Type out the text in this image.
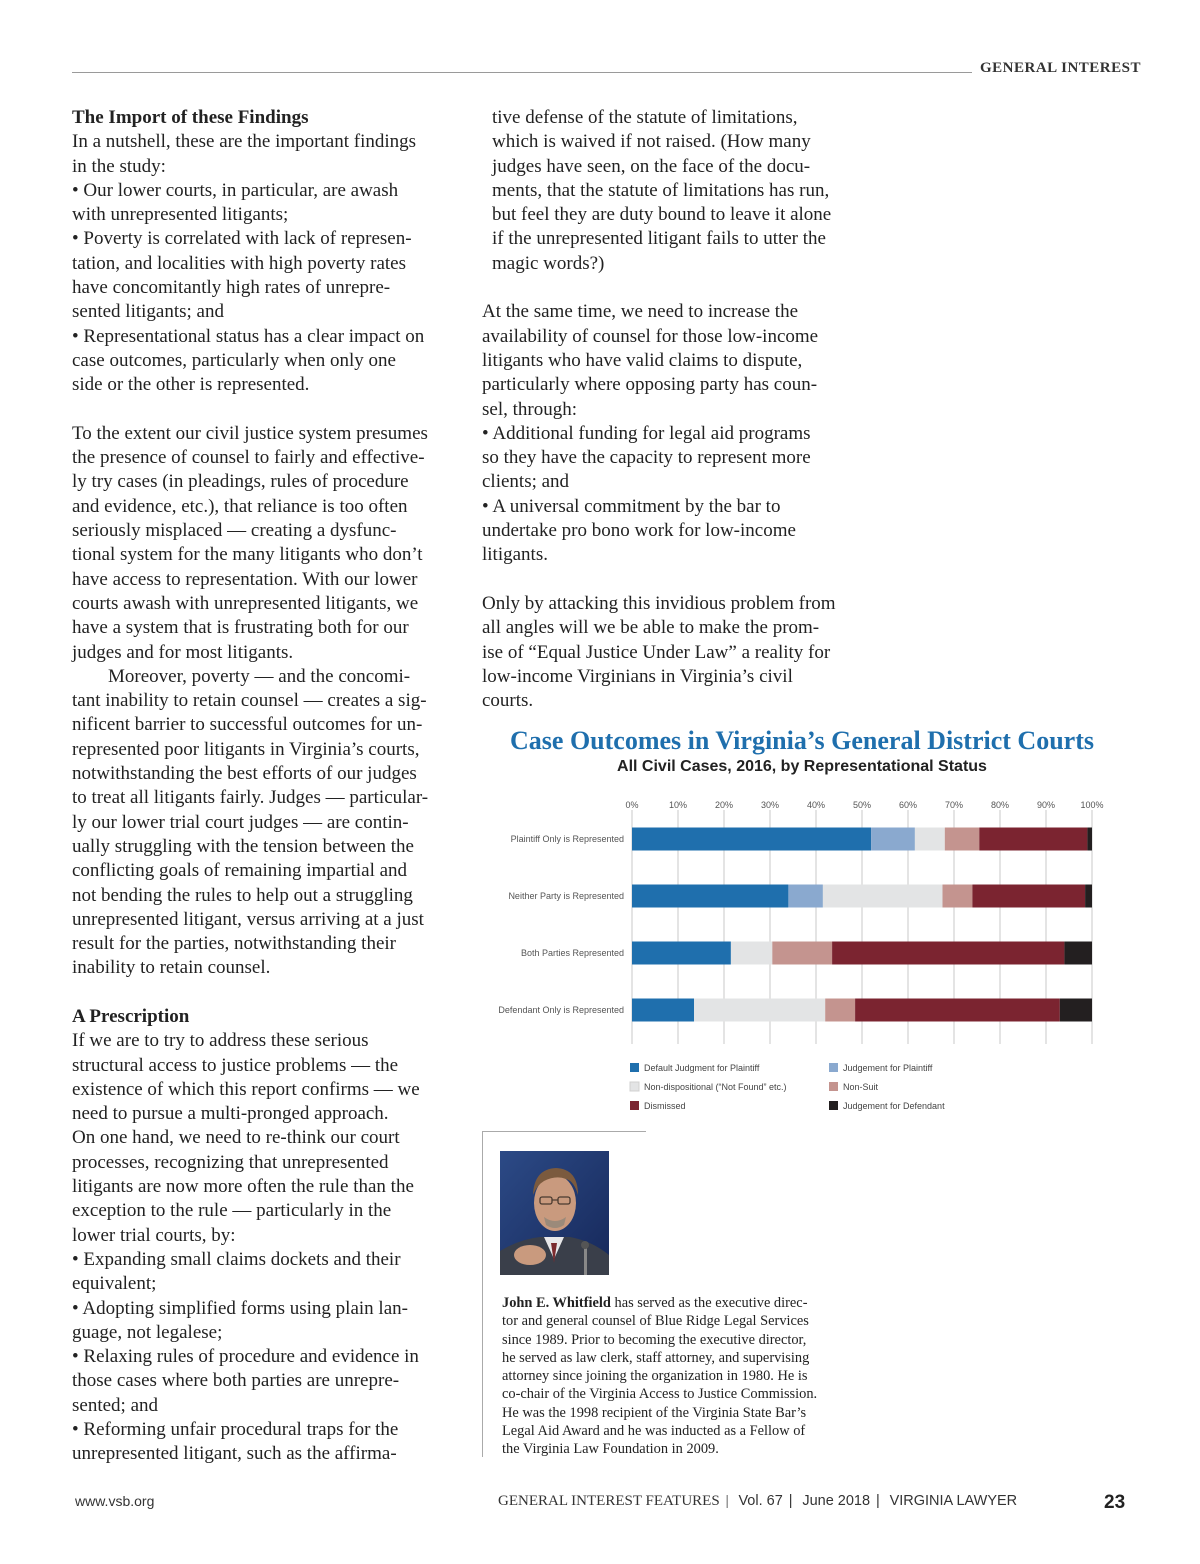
GENERAL INTEREST

The Import of these Findings

In a nutshell, these are the important findings

in the study:

• Our lower courts, in particular, are awash

with unrepresented litigants;

• Poverty is correlated with lack of represen-

tation, and localities with high poverty rates

have concomitantly high rates of unrepre-

sented litigants; and

• Representational status has a clear impact on

case outcomes, particularly when only one

side or the other is represented.

To the extent our civil justice system presumes

the presence of counsel to fairly and effective-

ly try cases (in pleadings, rules of procedure

and evidence, etc.), that reliance is too often

seriously misplaced — creating a dysfunc-

tional system for the many litigants who don’t

have access to representation. With our lower

courts awash with unrepresented litigants, we

have a system that is frustrating both for our

judges and for most litigants.

Moreover, poverty — and the concomi-

tant inability to retain counsel — creates a sig-

nificent barrier to successful outcomes for un-

represented poor litigants in Virginia’s courts,

notwithstanding the best efforts of our judges

to treat all litigants fairly. Judges — particular-

ly our lower trial court judges — are contin-

ually struggling with the tension between the

conflicting goals of remaining impartial and

not bending the rules to help out a struggling

unrepresented litigant, versus arriving at a just

result for the parties, notwithstanding their

inability to retain counsel.

A Prescription

If we are to try to address these serious

structural access to justice problems — the

existence of which this report confirms — we

need to pursue a multi-pronged approach.

On one hand, we need to re-think our court

processes, recognizing that unrepresented

litigants are now more often the rule than the

exception to the rule — particularly in the

lower trial courts, by:

• Expanding small claims dockets and their

equivalent;

• Adopting simplified forms using plain lan-

guage, not legalese;

• Relaxing rules of procedure and evidence in

those cases where both parties are unrepre-

sented; and

• Reforming unfair procedural traps for the

unrepresented litigant, such as the affirma-

tive defense of the statute of limitations,

which is waived if not raised. (How many

judges have seen, on the face of the docu-

ments, that the statute of limitations has run,

but feel they are duty bound to leave it alone

if the unrepresented litigant fails to utter the

magic words?)

At the same time, we need to increase the

availability of counsel for those low-income

litigants who have valid claims to dispute,

particularly where opposing party has coun-

sel, through:

• Additional funding for legal aid programs

so they have the capacity to represent more

clients; and

• A universal commitment by the bar to

undertake pro bono work for low-income

litigants.

Only by attacking this invidious problem from

all angles will we be able to make the prom-

ise of “Equal Justice Under Law” a reality for

low-income Virginians in Virginia’s civil

courts.

Case Outcomes in Virginia’s General District Courts
All Civil Cases, 2016, by Representational Status
0%	10%	20%	30%	40%	50%	60%	70%	80%	90%	100%
Plaintiff Only is Represented
Neither Party is Represented
Both Parties Represented
Defendant Only is Represented
Default Judgment for Plaintiff	Judgement for Plaintiff
Non-dispositional (“Not Found” etc.)	Non-Suit
Dismissed	Judgement for Defendant
John E. Whitfield has served as the executive direc-
tor and general counsel of Blue Ridge Legal Services
since 1989. Prior to becoming the executive director,
he served as law clerk, staff attorney, and supervising
attorney since joining the organization in 1980. He is
co-chair of the Virginia Access to Justice Commission.
He was the 1998 recipient of the Virginia State Bar’s
Legal Aid Award and he was inducted as a Fellow of
the Virginia Law Foundation in 2009.
www.vsb.org	GENERAL INTEREST FEATURES | Vol. 67 | June 2018 | VIRGINIA LAWYER	23
